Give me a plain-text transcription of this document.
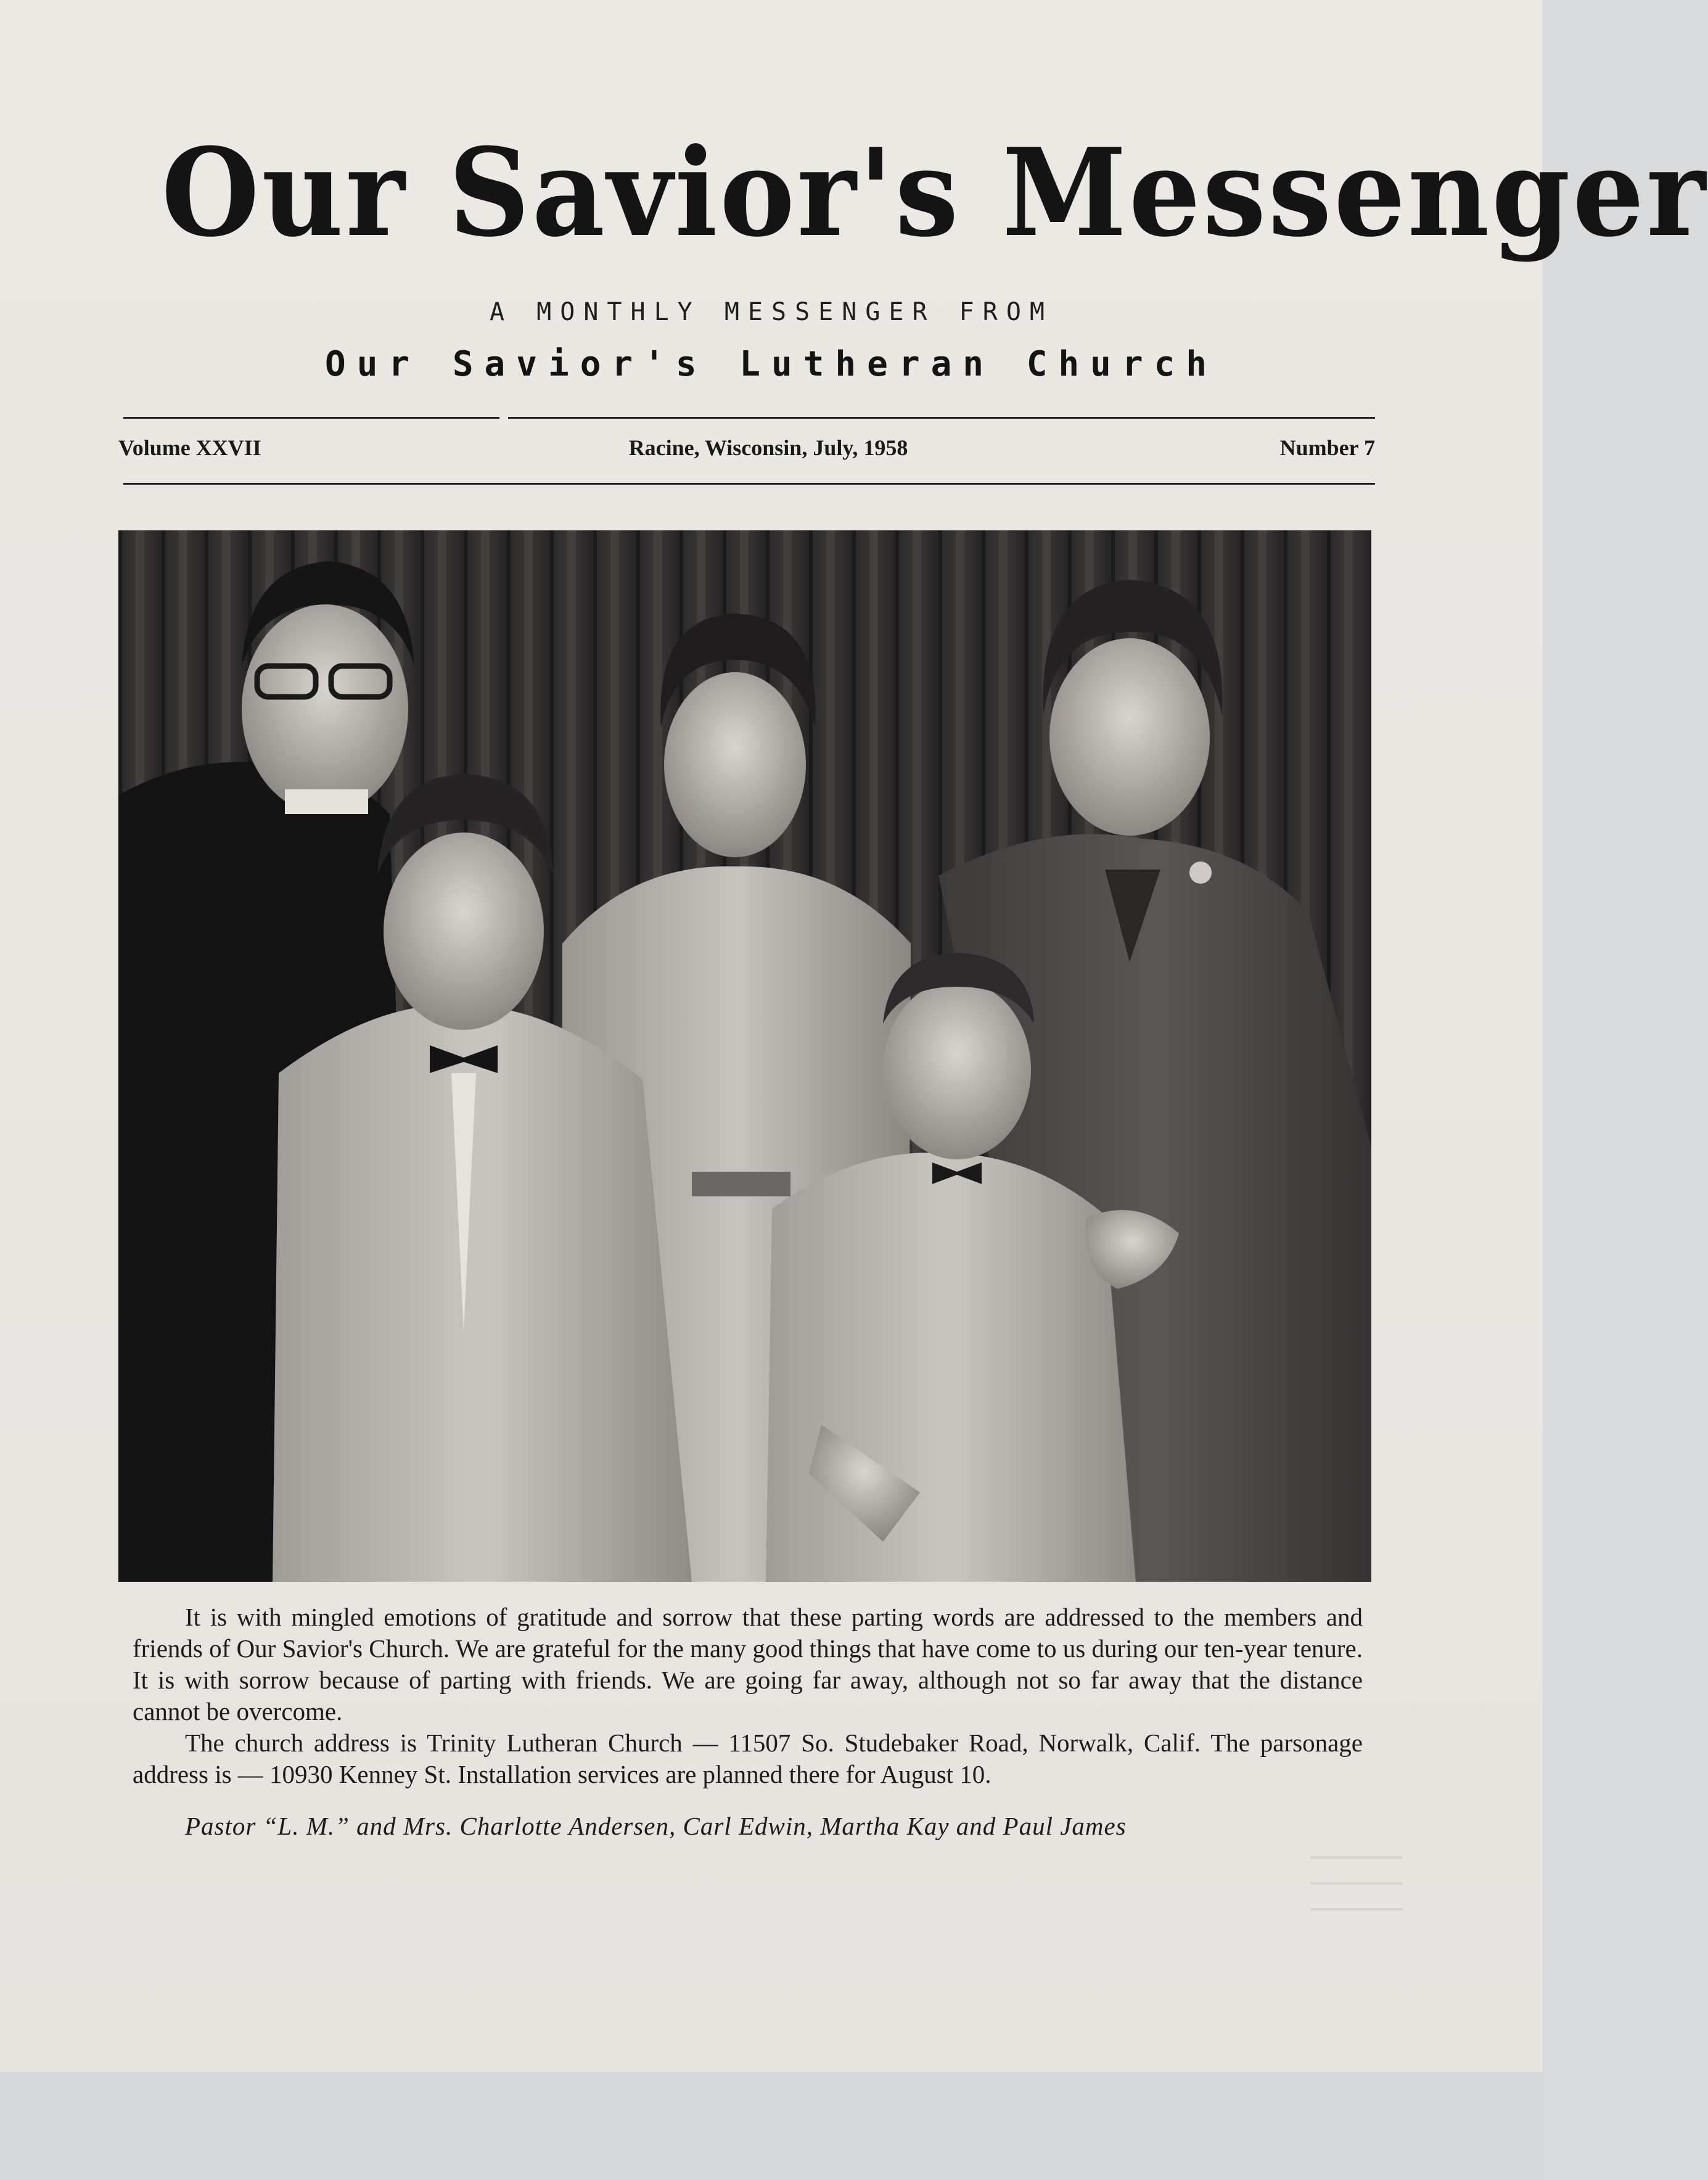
Our Savior's Messenger
A MONTHLY MESSENGER FROM
Our Savior's Lutheran Church
Volume XXVII	Racine, Wisconsin, July, 1958	Number 7

It is with mingled emotions of gratitude and sorrow that these parting words are addressed to the members and friends of Our Savior's Church. We are grateful for the many good things that have come to us during our ten-year tenure. It is with sorrow because of parting with friends. We are going far away, although not so far away that the distance cannot be overcome.

The church address is Trinity Lutheran Church — 11507 So. Studebaker Road, Norwalk, Calif. The parsonage address is — 10930 Kenney St. Installation services are planned there for August 10.

Pastor “L. M.” and Mrs. Charlotte Andersen, Carl Edwin, Martha Kay and Paul James
